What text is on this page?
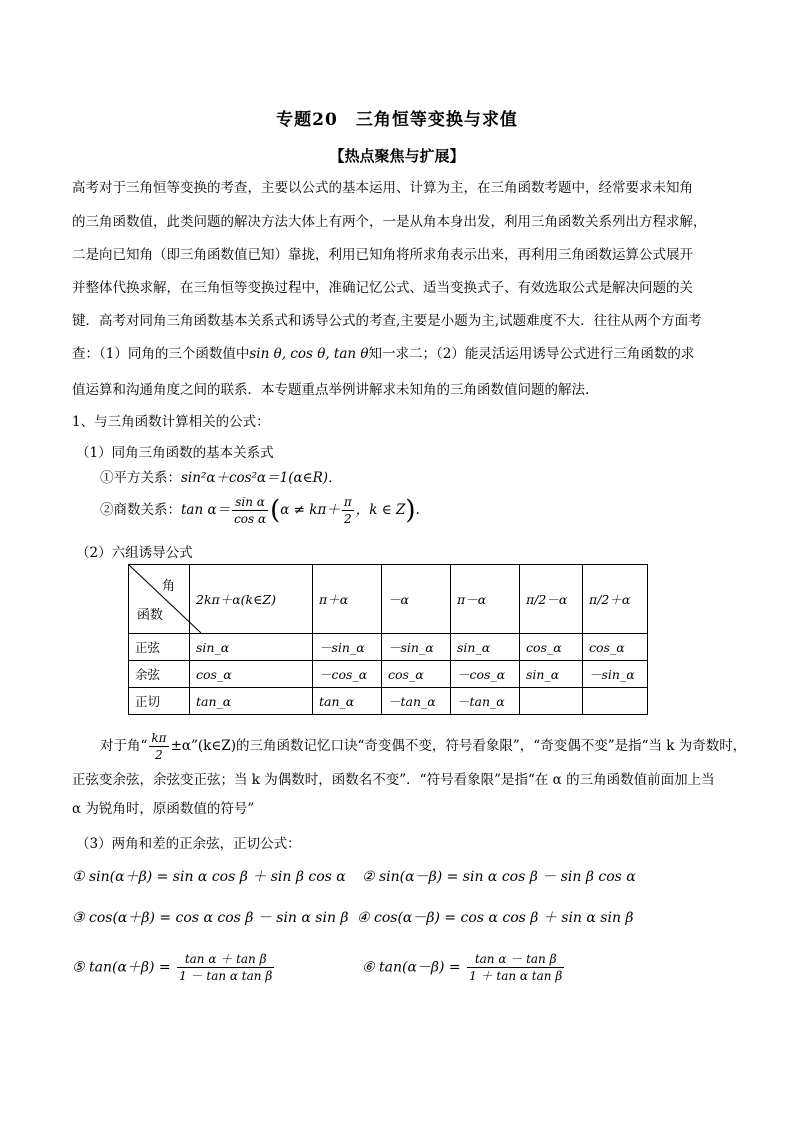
专题20　三角恒等变换与求值
【热点聚焦与扩展】
高考对于三角恒等变换的考查，主要以公式的基本运用、计算为主，在三角函数考题中，经常要求未知角
的三角函数值，此类问题的解决方法大体上有两个，一是从角本身出发，利用三角函数关系列出方程求解，
二是向已知角（即三角函数值已知）靠拢，利用已知角将所求角表示出来，再利用三角函数运算公式展开
并整体代换求解，在三角恒等变换过程中，准确记忆公式、适当变换式子、有效选取公式是解决问题的关
键．高考对同角三角函数基本关系式和诱导公式的考查,主要是小题为主,试题难度不大．往往从两个方面考
查：（1）同角的三个函数值中sin θ, cos θ, tan θ知一求二；（2）能灵活运用诱导公式进行三角函数的求
值运算和沟通角度之间的联系．本专题重点举例讲解求未知角的三角函数值问题的解法.
1、与三角函数计算相关的公式：
（1）同角三角函数的基本关系式
①平方关系：sin²α＋cos²α＝1(α∈R)．
②商数关系：$\tan \alpha= \frac{\text{sin α}}{\text{cos α}} (\alpha \ne k\pi+ \frac{\pi}{2}$ ，k ∈ Z).
（2）六组诱导公式
角
函数	2kπ＋α(k∈Z)	π＋α	－α	π－α	π/2－α	π/2＋α
正弦	sin_α	－sin_α	－sin_α	sin_α	cos_α	cos_α
余弦	cos_α	－cos_α	cos_α	－cos_α	sin_α	－sin_α
正切	tan_α	tan_α	－tan_α	－tan_α		
对于角“ $\frac{k\pi}{2}$ ±α”(k∈Z)的三角函数记忆口诀“奇变偶不变，符号看象限”，“奇变偶不变”是指“当 k 为奇数时，
正弦变余弦，余弦变正弦；当 k 为偶数时，函数名不变”．“符号看象限”是指“在 α 的三角函数值前面加上当
α 为锐角时，原函数值的符号”
（3）两角和差的正余弦，正切公式：
① sin(α＋β) = sin α cos β ＋ sin β cos α ② sin(α－β) = sin α cos β － sin β cos α
③ cos(α＋β) = cos α cos β － sin α sin β ④ cos(α－β) = cos α cos β ＋ sin α sin β
⑤ $\tan(\alpha+\beta) = \frac{\text{tan α ＋ tan β}}{\text{1 － tan α tan β}}$	⑥ $\tan(\alpha-\beta) = \frac{\text{tan α － tan β}}{\text{1 ＋ tan α tan β}}$
